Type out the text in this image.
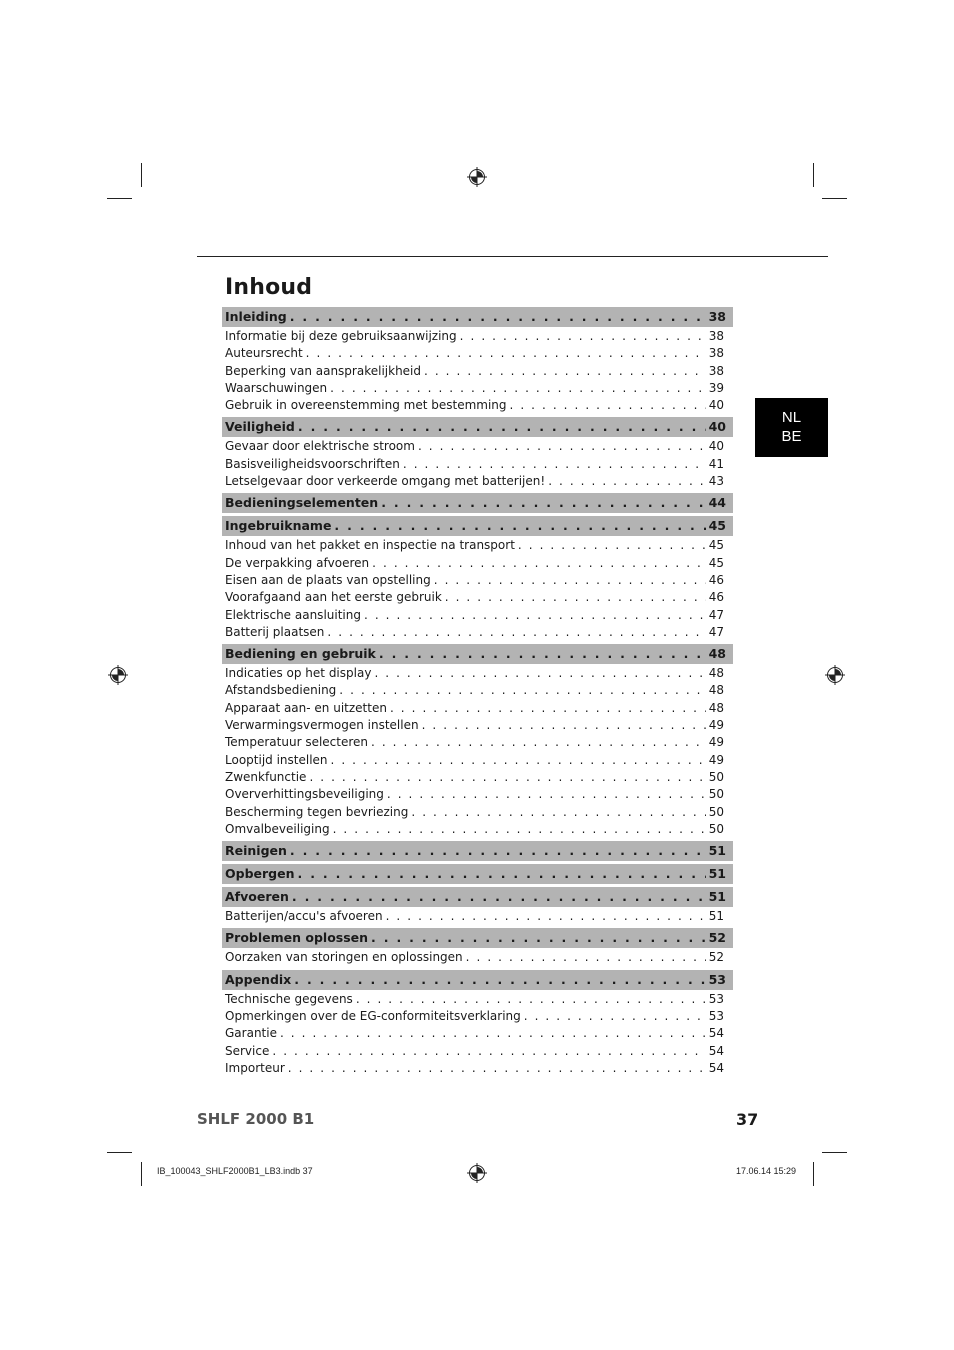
Inhoud
Inleiding . . .	38
Informatie bij deze gebruiksaanwijzing . . .	38
Auteursrecht . . .	38
Beperking van aansprakelijkheid . . .	38
Waarschuwingen . . .	39
Gebruik in overeenstemming met bestemming . . .	40
Veiligheid . . .	40
Gevaar door elektrische stroom . . .	40
Basisveiligheidsvoorschriften . . .	41
Letselgevaar door verkeerde omgang met batterijen! . . .	43
Bedieningselementen . . .	44
Ingebruikname . . .	45
Inhoud van het pakket en inspectie na transport . . .	45
De verpakking afvoeren . . .	45
Eisen aan de plaats van opstelling . . .	46
Voorafgaand aan het eerste gebruik . . .	46
Elektrische aansluiting . . .	47
Batterij plaatsen . . .	47
Bediening en gebruik . . .	48
Indicaties op het display . . .	48
Afstandsbediening . . .	48
Apparaat aan- en uitzetten . . .	48
Verwarmingsvermogen instellen . . .	49
Temperatuur selecteren . . .	49
Looptijd instellen . . .	49
Zwenkfunctie . . .	50
Oververhittingsbeveiliging . . .	50
Bescherming tegen bevriezing . . .	50
Omvalbeveiliging . . .	50
Reinigen . . .	51
Opbergen . . .	51
Afvoeren . . .	51
Batterijen/accu's afvoeren . . .	51
Problemen oplossen . . .	52
Oorzaken van storingen en oplossingen . . .	52
Appendix . . .	53
Technische gegevens . . .	53
Opmerkingen over de EG-conformiteitsverklaring . . .	53
Garantie . . .	54
Service . . .	54
Importeur . . .	54
NL
BE
SHLF 2000 B1	37
IB_100043_SHLF2000B1_LB3.indb 37	17.06.14 15:29
